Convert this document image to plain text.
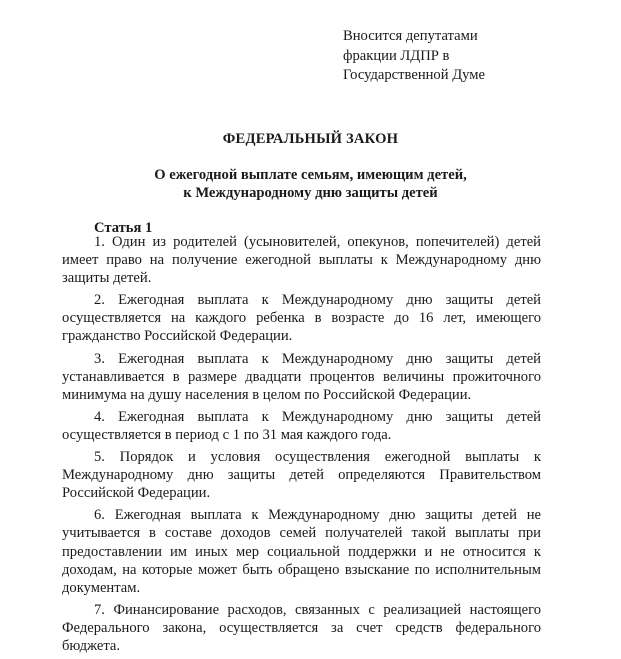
Вносится депутатами
фракции ЛДПР в
Государственной Думе
ФЕДЕРАЛЬНЫЙ ЗАКОН
О ежегодной выплате семьям, имеющим детей,
к Международному дню защиты детей
Статья 1

1. Один из родителей (усыновителей, опекунов, попечителей) детей имеет право на получение ежегодной выплаты к Международному дню защиты детей.

2. Ежегодная выплата к Международному дню защиты детей осуществляется на каждого ребенка в возрасте до 16 лет, имеющего гражданство Российской Федерации.

3. Ежегодная выплата к Международному дню защиты детей устанавливается в размере двадцати процентов величины прожиточного минимума на душу населения в целом по Российской Федерации.

4. Ежегодная выплата к Международному дню защиты детей осуществляется в период с 1 по 31 мая каждого года.

5. Порядок и условия осуществления ежегодной выплаты к Международному дню защиты детей определяются Правительством Российской Федерации.

6. Ежегодная выплата к Международному дню защиты детей не учитывается в составе доходов семей получателей такой выплаты при предоставлении им иных мер социальной поддержки и не относится к доходам, на которые может быть обращено взыскание по исполнительным документам.

7. Финансирование расходов, связанных с реализацией настоящего Федерального закона, осуществляется за счет средств федерального бюджета.
